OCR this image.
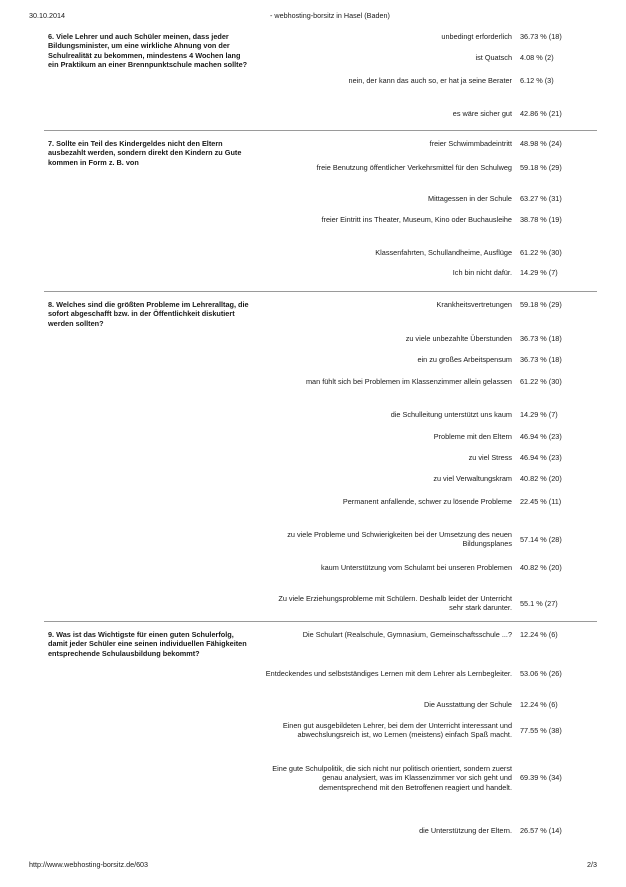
30.10.2014	- webhosting-borsitz in Hasel (Baden)
6. Viele Lehrer und auch Schüler meinen, dass jeder Bildungsminister, um eine wirkliche Ahnung von der Schulrealität zu bekommen, mindestens 4 Wochen lang ein Praktikum an einer Brennpunktschule machen sollte?
unbedingt erforderlich 36.73 % (18)
ist Quatsch 4.08 % (2)
nein, der kann das auch so, er hat ja seine Berater 6.12 % (3)
es wäre sicher gut 42.86 % (21)
7. Sollte ein Teil des Kindergeldes nicht den Eltern ausbezahlt werden, sondern direkt den Kindern zu Gute kommen in Form z. B. von
freier Schwimmbadeintritt 48.98 % (24)
freie Benutzung öffentlicher Verkehrsmittel für den Schulweg 59.18 % (29)
Mittagessen in der Schule 63.27 % (31)
freier Eintritt ins Theater, Museum, Kino oder Buchausleihe 38.78 % (19)
Klassenfahrten, Schullandheime, Ausflüge 61.22 % (30)
Ich bin nicht dafür. 14.29 % (7)
8. Welches sind die größten Probleme im Lehreralltag, die sofort abgeschafft bzw. in der Öffentlichkeit diskutiert werden sollten?
Krankheitsvertretungen 59.18 % (29)
zu viele unbezahlte Überstunden 36.73 % (18)
ein zu großes Arbeitspensum 36.73 % (18)
man fühlt sich bei Problemen im Klassenzimmer allein gelassen 61.22 % (30)
die Schulleitung unterstützt uns kaum 14.29 % (7)
Probleme mit den Eltern 46.94 % (23)
zu viel Stress 46.94 % (23)
zu viel Verwaltungskram 40.82 % (20)
Permanent anfallende, schwer zu lösende Probleme 22.45 % (11)
zu viele Probleme und Schwierigkeiten bei der Umsetzung des neuen Bildungsplanes
57.14 % (28)
kaum Unterstützung vom Schulamt bei unseren Problemen 40.82 % (20)
Zu viele Erziehungsprobleme mit Schülern. Deshalb leidet der Unterricht sehr stark darunter.
55.1 % (27)
9. Was ist das Wichtigste für einen guten Schulerfolg, damit jeder Schüler eine seinen individuellen Fähigkeiten entsprechende Schulausbildung bekommt?
Die Schulart (Realschule, Gymnasium, Gemeinschaftsschule ...? 12.24 % (6)
Entdeckendes und selbstständiges Lernen mit dem Lehrer als Lernbegleiter. 53.06 % (26)
Die Ausstattung der Schule 12.24 % (6)
Einen gut ausgebildeten Lehrer, bei dem der Unterricht interessant und abwechslungsreich ist, wo Lernen (meistens) einfach Spaß macht.
77.55 % (38)
Eine gute Schulpolitik, die sich nicht nur politisch orientiert, sondern zuerst genau analysiert, was im Klassenzimmer vor sich geht und dementsprechend mit den Betroffenen reagiert und handelt.
69.39 % (34)
die Unterstützung der Eltern. 26.57 % (14)
http://www.webhosting-borsitz.de/603	2/3
